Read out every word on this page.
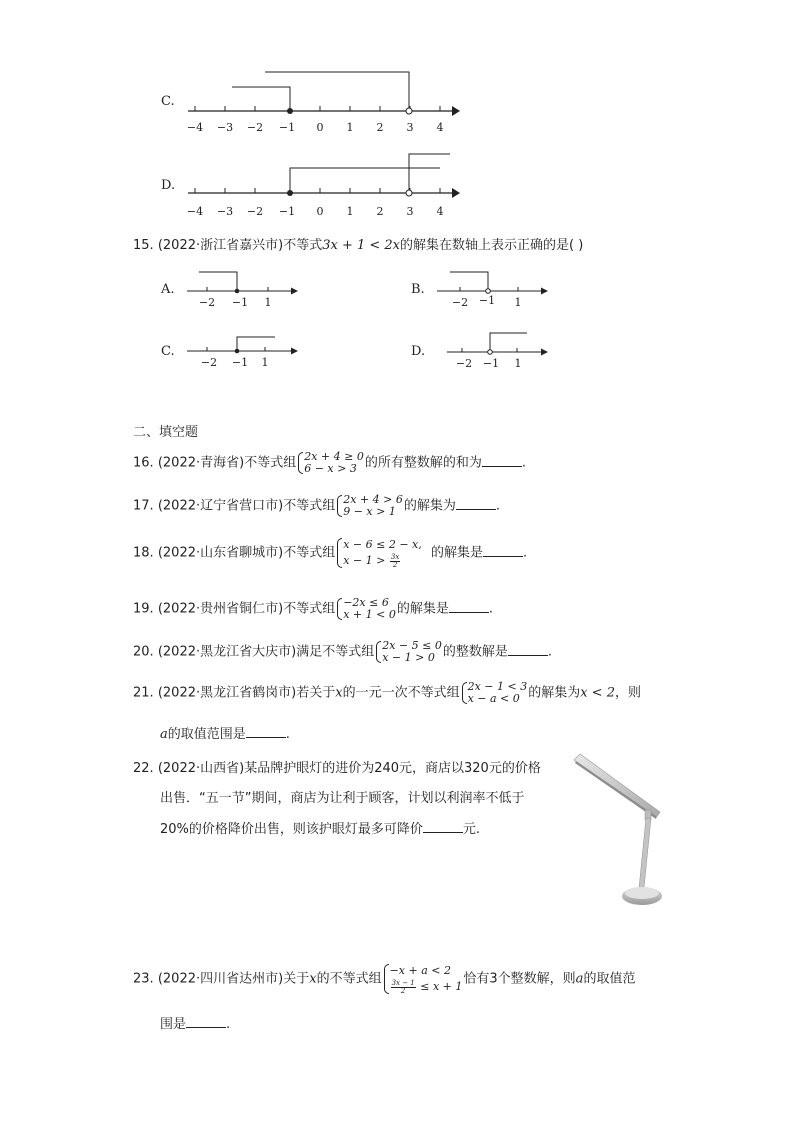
C.
−4 −3 −2 −1 0 1 2 3 4
D.
−4 −3 −2 −1 0 1 2 3 4
15. (2022·浙江省嘉兴市)不等式3x + 1 < 2x的解集在数轴上表示正确的是( )
A.
−2 −1 1
B.
−2 −1 1
C.
−2 −1 1
D.
−2 −1 1
二、填空题
16. (2022·青海省)不等式组 2x + 4 ≥ 0
6 − x > 3 的所有整数解的和为	.
17. (2022·辽宁省营口市)不等式组 2x + 4 > 6
9 − x > 1 的解集为	.
18. (2022·山东省聊城市)不等式组
x − 6 ≤ 2 − x,
$x - 1 > \frac{3x}{2}$
的解集是	.
19. (2022·贵州省铜仁市)不等式组 −2x ≤ 6
x + 1 < 0 的解集是	.
20. (2022·黑龙江省大庆市)满足不等式组 2x − 5 ≤ 0
x − 1 > 0 的整数解是	.
21. (2022·黑龙江省鹤岗市)若关于x的一元一次不等式组 2x − 1 < 3
x − a < 0 的解集为x < 2，则
a的取值范围是	.
22. (2022·山西省)某品牌护眼灯的进价为240元，商店以320元的价格
出售．“五一节”期间，商店为让利于顾客，计划以利润率不低于
20%的价格降价出售，则该护眼灯最多可降价	元.
23. (2022·四川省达州市)关于x的不等式组
−x + a < 2
$\frac{3x - 1}{2} \le x + 1$ 恰有3个整数解，则a的取值范
围是	.
